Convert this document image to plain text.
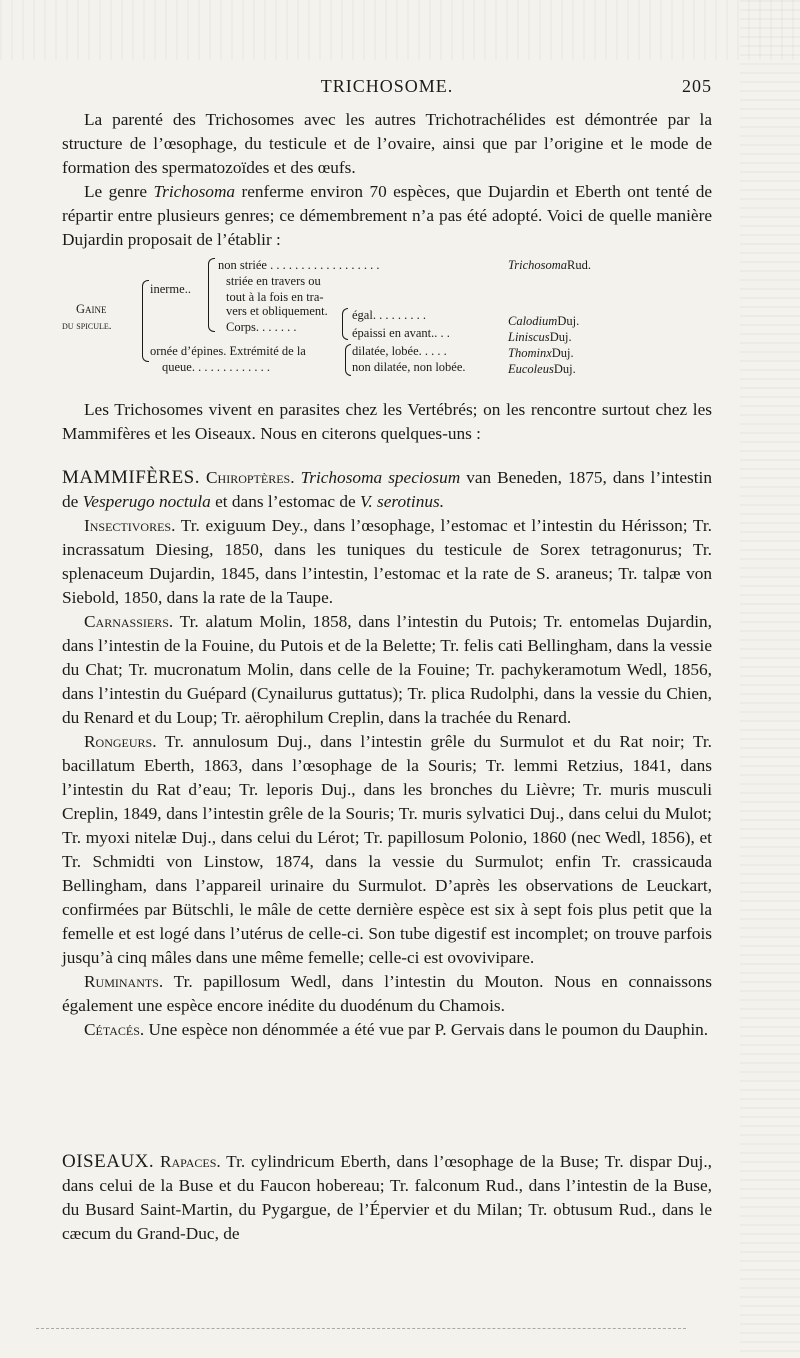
TRICHOSOME.	205

La parenté des Trichosomes avec les autres Trichotrachélides est démontrée par la structure de l’œsophage, du testicule et de l’ovaire, ainsi que par l’origine et le mode de formation des spermatozoïdes et des œufs.

Le genre Trichosoma renferme environ 70 espèces, que Dujardin et Eberth ont tenté de répartir entre plusieurs genres; ce démembrement n’a pas été adopté. Voici de quelle manière Dujardin proposait de l’établir :

Gaine
du spicule.
inerme..
non striée . . . . . . . . . . . . . . . . . .
striée en travers ou
tout à la fois en tra-
vers et obliquement.
Corps. . . . . . .
égal. . . . . . . . .
épaissi en avant.. . .
ornée d’épines. Extrémité de la
queue. . . . . . . . . . . . .
dilatée, lobée. . . . .
non dilatée, non lobée.
Trichosoma Rud.
Calodium Duj.
Liniscus Duj.
Thominx Duj.
Eucoleus Duj.

Les Trichosomes vivent en parasites chez les Vertébrés; on les rencontre surtout chez les Mammifères et les Oiseaux. Nous en citerons quelques-uns :

MAMMIFÈRES. Chiroptères. Trichosoma speciosum van Beneden, 1875, dans l’intestin de Vesperugo noctula et dans l’estomac de V. serotinus.

Insectivores. Tr. exiguum Dey., dans l’œsophage, l’estomac et l’intestin du Hérisson; Tr. incrassatum Diesing, 1850, dans les tuniques du testicule de Sorex tetragonurus; Tr. splenaceum Dujardin, 1845, dans l’intestin, l’estomac et la rate de S. araneus; Tr. talpæ von Siebold, 1850, dans la rate de la Taupe.

Carnassiers. Tr. alatum Molin, 1858, dans l’intestin du Putois; Tr. entomelas Dujardin, dans l’intestin de la Fouine, du Putois et de la Belette; Tr. felis cati Bellingham, dans la vessie du Chat; Tr. mucronatum Molin, dans celle de la Fouine; Tr. pachykeramotum Wedl, 1856, dans l’intestin du Guépard (Cynailurus guttatus); Tr. plica Rudolphi, dans la vessie du Chien, du Renard et du Loup; Tr. aërophilum Creplin, dans la trachée du Renard.

Rongeurs. Tr. annulosum Duj., dans l’intestin grêle du Surmulot et du Rat noir; Tr. bacillatum Eberth, 1863, dans l’œsophage de la Souris; Tr. lemmi Retzius, 1841, dans l’intestin du Rat d’eau; Tr. leporis Duj., dans les bronches du Lièvre; Tr. muris musculi Creplin, 1849, dans l’intestin grêle de la Souris; Tr. muris sylvatici Duj., dans celui du Mulot; Tr. myoxi nitelæ Duj., dans celui du Lérot; Tr. papillosum Polonio, 1860 (nec Wedl, 1856), et Tr. Schmidti von Linstow, 1874, dans la vessie du Surmulot; enfin Tr. crassicauda Bellingham, dans l’appareil urinaire du Surmulot. D’après les observations de Leuckart, confirmées par Bütschli, le mâle de cette dernière espèce est six à sept fois plus petit que la femelle et est logé dans l’utérus de celle-ci. Son tube digestif est incomplet; on trouve parfois jusqu’à cinq mâles dans une même femelle; celle-ci est ovovivipare.

Ruminants. Tr. papillosum Wedl, dans l’intestin du Mouton. Nous en connaissons également une espèce encore inédite du duodénum du Chamois.

Cétacés. Une espèce non dénommée a été vue par P. Gervais dans le poumon du Dauphin.

OISEAUX. Rapaces. Tr. cylindricum Eberth, dans l’œsophage de la Buse; Tr. dispar Duj., dans celui de la Buse et du Faucon hobereau; Tr. falconum Rud., dans l’intestin de la Buse, du Busard Saint-Martin, du Pygargue, de l’Épervier et du Milan; Tr. obtusum Rud., dans le cæcum du Grand-Duc, de
